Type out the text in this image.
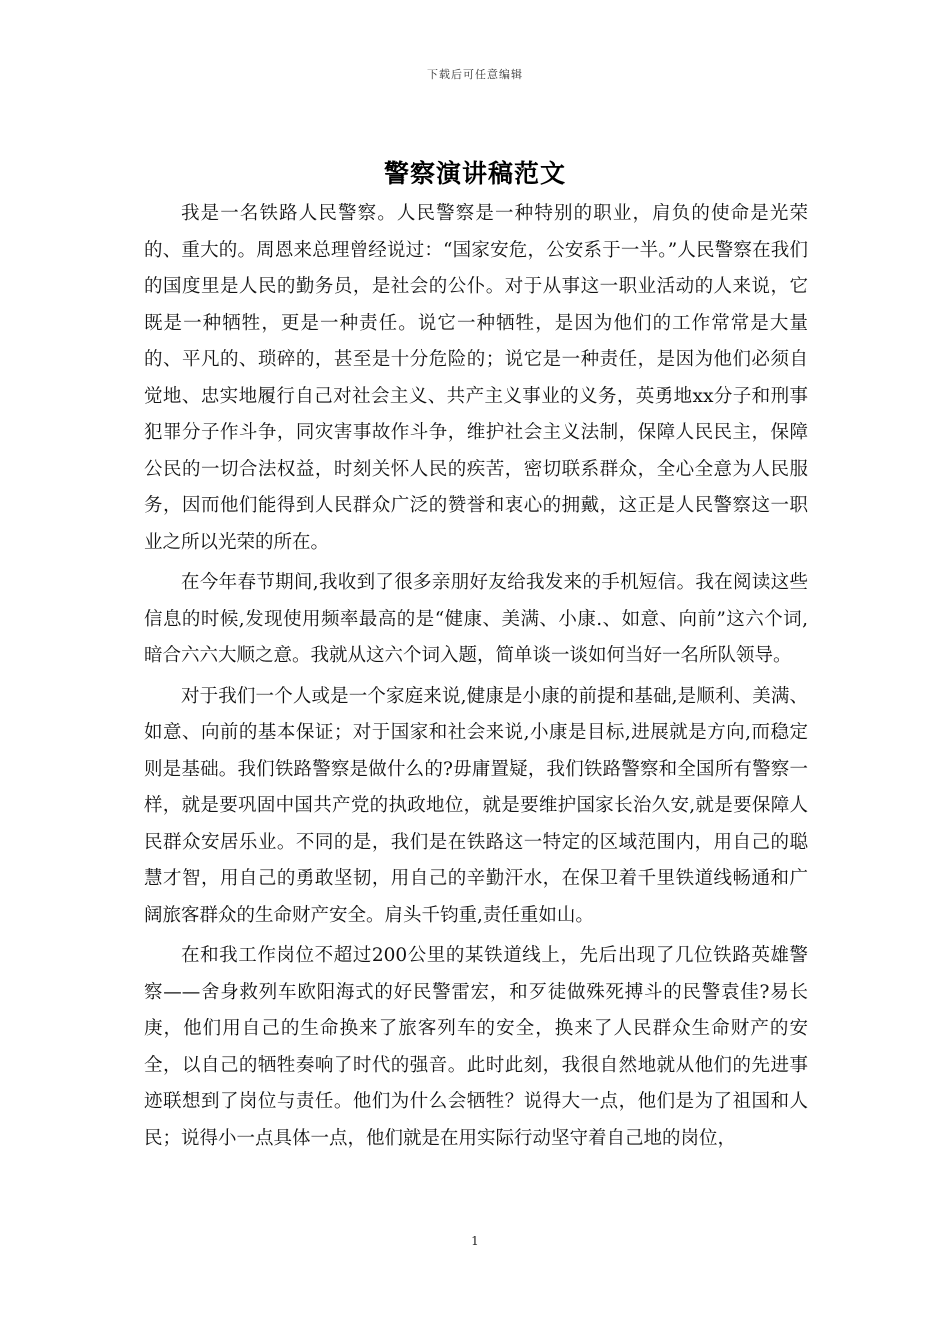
下载后可任意编辑
警察演讲稿范文

我是一名铁路人民警察。人民警察是一种特别的职业，肩负的使命是光荣的、重大的。周恩来总理曾经说过：“国家安危，公安系于一半。”人民警察在我们的国度里是人民的勤务员，是社会的公仆。对于从事这一职业活动的人来说，它既是一种牺牲，更是一种责任。说它一种牺牲，是因为他们的工作常常是大量的、平凡的、琐碎的，甚至是十分危险的；说它是一种责任，是因为他们必须自觉地、忠实地履行自己对社会主义、共产主义事业的义务，英勇地xx分子和刑事犯罪分子作斗争，同灾害事故作斗争，维护社会主义法制，保障人民民主，保障公民的一切合法权益，时刻关怀人民的疾苦，密切联系群众，全心全意为人民服务，因而他们能得到人民群众广泛的赞誉和衷心的拥戴，这正是人民警察这一职业之所以光荣的所在。

在今年春节期间,我收到了很多亲朋好友给我发来的手机短信。我在阅读这些信息的时候,发现使用频率最高的是“健康、美满、小康.、如意、向前”这六个词,暗合六六大顺之意。我就从这六个词入题，简单谈一谈如何当好一名所队领导。

对于我们一个人或是一个家庭来说,健康是小康的前提和基础,是顺利、美满、如意、向前的基本保证；对于国家和社会来说,小康是目标,进展就是方向,而稳定则是基础。我们铁路警察是做什么的?毋庸置疑，我们铁路警察和全国所有警察一样，就是要巩固中国共产党的执政地位，就是要维护国家长治久安,就是要保障人民群众安居乐业。不同的是，我们是在铁路这一特定的区域范围内，用自己的聪慧才智，用自己的勇敢坚韧，用自己的辛勤汗水，在保卫着千里铁道线畅通和广阔旅客群众的生命财产安全。肩头千钧重,责任重如山。

在和我工作岗位不超过200公里的某铁道线上，先后出现了几位铁路英雄警察——舍身救列车欧阳海式的好民警雷宏，和歹徒做殊死搏斗的民警袁佳?易长庚，他们用自己的生命换来了旅客列车的安全，换来了人民群众生命财产的安全，以自己的牺牲奏响了时代的强音。此时此刻，我很自然地就从他们的先进事迹联想到了岗位与责任。他们为什么会牺牲？说得大一点，他们是为了祖国和人民；说得小一点具体一点，他们就是在用实际行动坚守着自己地的岗位，

1
